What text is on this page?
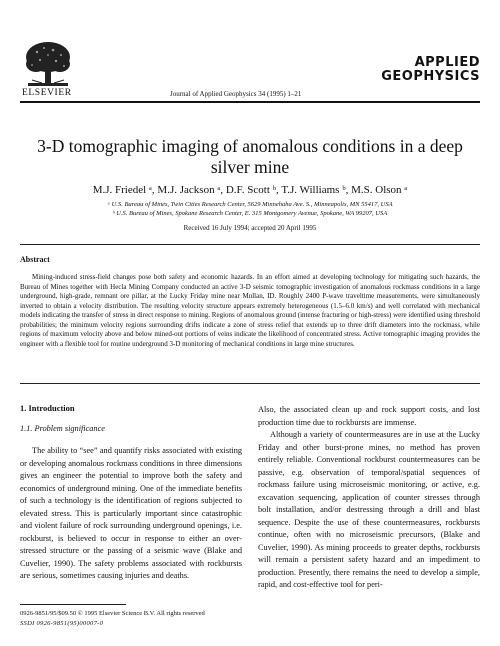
ELSEVIER	Journal of Applied Geophysics 34 (1995) 1–21
APPLIED
GEOPHYSICS
3-D tomographic imaging of anomalous conditions in a deep silver mine
M.J. Friedel ᵃ, M.J. Jackson ᵃ, D.F. Scott ᵇ, T.J. Williams ᵇ, M.S. Olson ᵃ
ᵃ U.S. Bureau of Mines, Twin Cities Research Center, 5629 Minnehaha Ave. S., Minneapolis, MN 55417, USA
ᵇ U.S. Bureau of Mines, Spokane Research Center, E. 315 Montgomery Avenue, Spokane, WA 99207, USA
Received 16 July 1994; accepted 20 April 1995
Abstract
Mining-induced stress-field changes pose both safety and economic hazards. In an effort aimed at developing technology for mitigating such hazards, the Bureau of Mines together with Hecla Mining Company conducted an active 3-D seismic tomographic investigation of anomalous rockmass conditions in a large underground, high-grade, remnant ore pillar, at the Lucky Friday mine near Mullan, ID. Roughly 2400 P-wave traveltime measurements, were simultaneously inverted to obtain a velocity distribution. The resulting velocity structure appears extremely heterogeneous (1.5–6.0 km/s) and well correlated with mechanical models indicating the transfer of stress in direct response to mining. Regions of anomalous ground (intense fracturing or high-stress) were identified using threshold probabilities; the minimum velocity regions surrounding drifts indicate a zone of stress relief that extends up to three drift diameters into the rockmass, while regions of maximum velocity above and below mined-out portions of veins indicate the likelihood of concentrated stress. Active tomographic imaging provides the engineer with a flexible tool for routine underground 3-D monitoring of mechanical conditions in large mine structures.

1. Introduction

1.1. Problem significance

The ability to “see” and quantify risks associated with existing or developing anomalous rockmass conditions in three dimensions gives an engineer the potential to improve both the safety and economics of underground mining. One of the immediate benefits of such a technology is the identification of regions subjected to elevated stress. This is particularly important since catastrophic and violent failure of rock surrounding underground openings, i.e. rockburst, is believed to occur in response to either an over-stressed structure or the passing of a seismic wave (Blake and Cuvelier, 1990). The safety problems associated with rockbursts are serious, sometimes causing injuries and deaths.

Also, the associated clean up and rock support costs, and lost production time due to rockbursts are immense.

Although a variety of countermeasures are in use at the Lucky Friday and other burst-prone mines, no method has proven entirely reliable. Conventional rockburst countermeasures can be passive, e.g. observation of temporal/spatial sequences of rockmass failure using microseismic monitoring, or active, e.g. excavation sequencing, application of counter stresses through bolt installation, and/or destressing through a drill and blast sequence. Despite the use of these countermeasures, rockbursts continue, often with no microseismic precursors, (Blake and Cuvelier, 1990). As mining proceeds to greater depths, rockbursts will remain a persistent safety hazard and an impediment to production. Presently, there remains the need to develop a simple, rapid, and cost-effective tool for peri-

0926-9851/95/$09.50 © 1995 Elsevier Science B.V. All rights reserved
SSDI 0926-9851(95)00007-0
